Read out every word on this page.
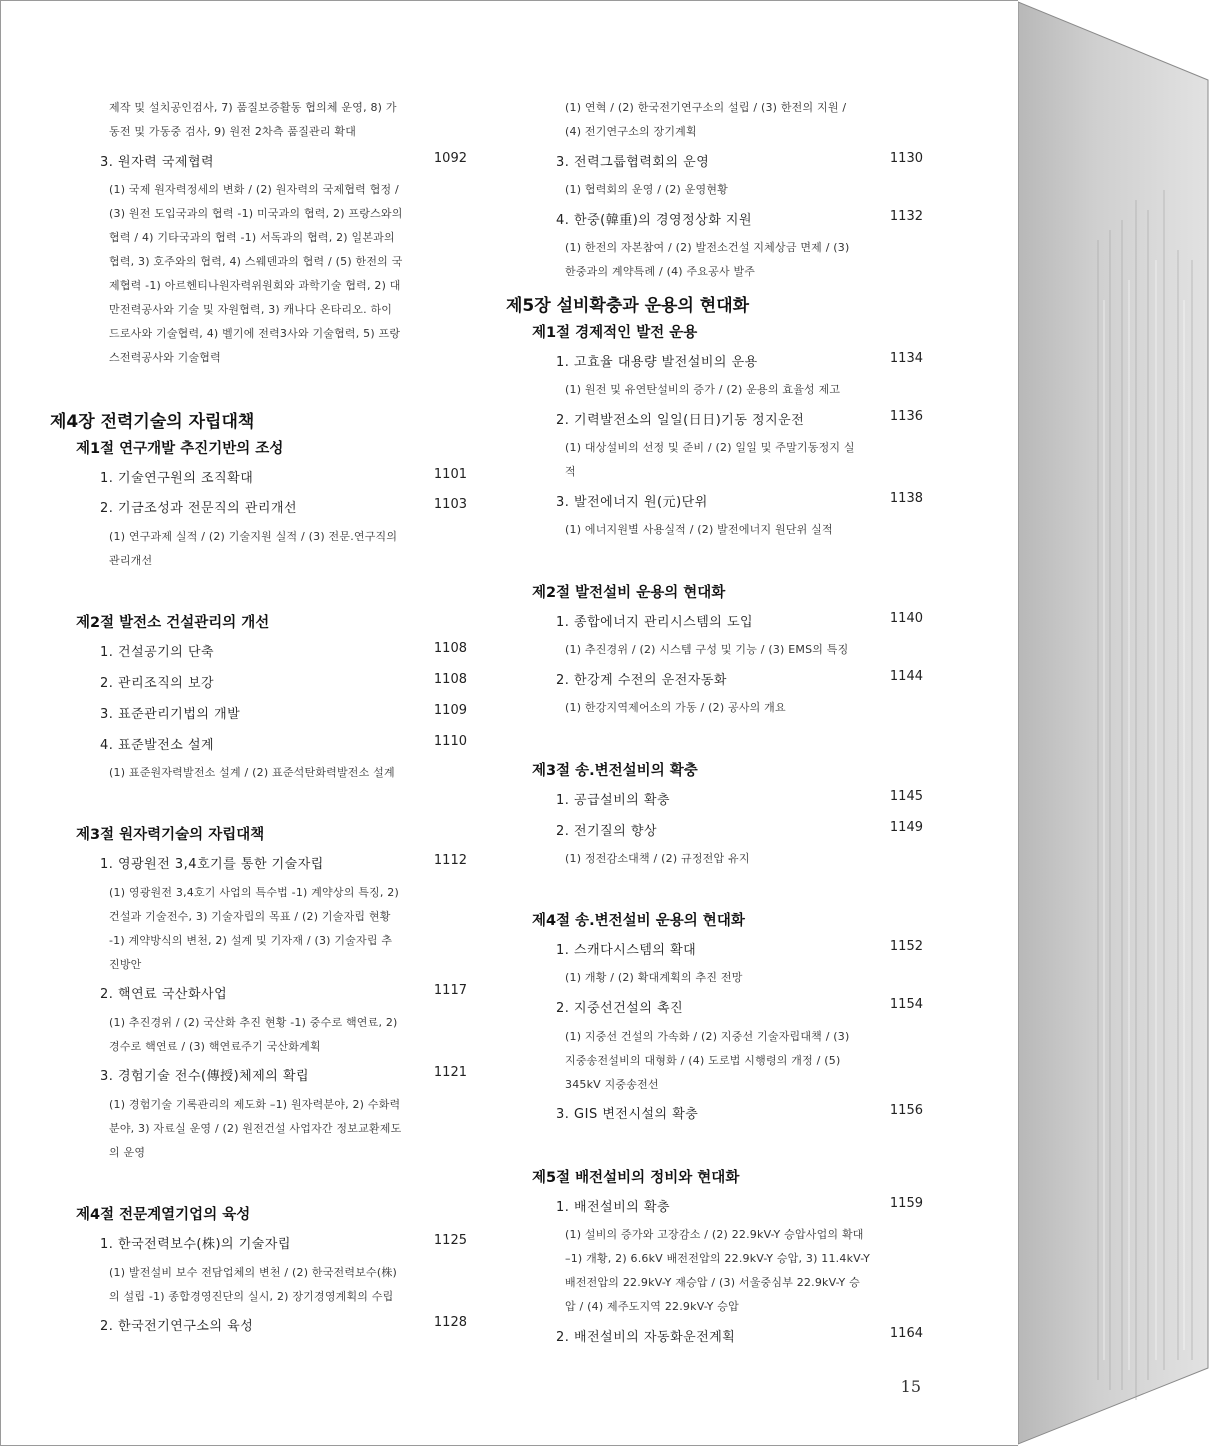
제작 및 설치공인검사, 7) 품질보증활동 협의체 운영, 8) 가
동전 및 가동중 검사, 9) 원전 2차측 품질관리 확대
3. 원자력 국제협력	1092
(1) 국제 원자력정세의 변화 / (2) 원자력의 국제협력 협정 /
(3) 원전 도입국과의 협력 -1) 미국과의 협력, 2) 프랑스와의
협력 / 4) 기타국과의 협력 -1) 서독과의 협력, 2) 일본과의
협력, 3) 호주와의 협력, 4) 스웨덴과의 협력 / (5) 한전의 국
제협력 -1) 아르헨티나원자력위원회와 과학기술 협력, 2) 대
만전력공사와 기술 및 자원협력, 3) 캐나다 온타리오. 하이
드로사와 기술협력, 4) 벨기에 전력3사와 기술협력, 5) 프랑
스전력공사와 기술협력
제4장 전력기술의 자립대책
제1절 연구개발 추진기반의 조성
1. 기술연구원의 조직확대	1101
2. 기금조성과 전문직의 관리개선	1103
(1) 연구과제 실적 / (2) 기술지원 실적 / (3) 전문.연구직의
관리개선
제2절 발전소 건설관리의 개선
1. 건설공기의 단축	1108
2. 관리조직의 보강	1108
3. 표준관리기법의 개발	1109
4. 표준발전소 설계	1110
(1) 표준원자력발전소 설계 / (2) 표준석탄화력발전소 설계
제3절 원자력기술의 자립대책
1. 영광원전 3,4호기를 통한 기술자립	1112
(1) 영광원전 3,4호기 사업의 특수법 -1) 계약상의 특징, 2)
건설과 기술전수, 3) 기술자립의 목표 / (2) 기술자립 현황
-1) 계약방식의 변천, 2) 설계 및 기자재 / (3) 기술자립 추
진방안
2. 핵연료 국산화사업	1117
(1) 추진경위 / (2) 국산화 추진 현황 -1) 중수로 핵연료, 2)
경수로 핵연료 / (3) 핵연료주기 국산화계획
3. 경험기술 전수(傳授)체제의 확립	1121
(1) 경험기술 기록관리의 제도화 –1) 원자력분야, 2) 수화력
분야, 3) 자료실 운영 / (2) 원전건설 사업자간 정보교환제도
의 운영
제4절 전문계열기업의 육성
1. 한국전력보수(株)의 기술자립	1125
(1) 발전설비 보수 전담업체의 변천 / (2) 한국전력보수(株)
의 설립 -1) 종합경영진단의 실시, 2) 장기경영계획의 수립
2. 한국전기연구소의 육성	1128
(1) 연혁 / (2) 한국전기연구소의 설립 / (3) 한전의 지원 /
(4) 전기연구소의 장기계획
3. 전력그룹협력회의 운영	1130
(1) 협력회의 운영 / (2) 운영현황
4. 한중(韓重)의 경영정상화 지원	1132
(1) 한전의 자본참여 / (2) 발전소건설 지체상금 면제 / (3)
한중과의 계약특례 / (4) 주요공사 발주
제5장 설비확충과 운용의 현대화
제1절 경제적인 발전 운용
1. 고효율 대용량 발전설비의 운용	1134
(1) 원전 및 유연탄설비의 증가 / (2) 운용의 효율성 제고
2. 기력발전소의 일일(日日)기동 정지운전	1136
(1) 대상설비의 선정 및 준비 / (2) 일일 및 주말기동정지 실
적
3. 발전에너지 원(元)단위	1138
(1) 에너지원별 사용실적 / (2) 발전에너지 원단위 실적
제2절 발전설비 운용의 현대화
1. 종합에너지 관리시스템의 도입	1140
(1) 추진경위 / (2) 시스템 구성 및 기능 / (3) EMS의 특징
2. 한강계 수전의 운전자동화	1144
(1) 한강지역제어소의 가동 / (2) 공사의 개요
제3절 송.변전설비의 확충
1. 공급설비의 확충	1145
2. 전기질의 향상	1149
(1) 정전감소대책 / (2) 규정전압 유지
제4절 송.변전설비 운용의 현대화
1. 스캐다시스템의 확대	1152
(1) 개황 / (2) 확대계획의 추진 전망
2. 지중선건설의 촉진	1154
(1) 지중선 건설의 가속화 / (2) 지중선 기술자립대책 / (3)
지중송전설비의 대형화 / (4) 도로법 시행령의 개정 / (5)
345kV 지중송전선
3. GIS 변전시설의 확충	1156
제5절 배전설비의 정비와 현대화
1. 배전설비의 확충	1159
(1) 설비의 증가와 고장감소 / (2) 22.9kV-Y 승압사업의 확대
–1) 개황, 2) 6.6kV 배전전압의 22.9kV-Y 승압, 3) 11.4kV-Y
배전전압의 22.9kV-Y 재승압 / (3) 서울중심부 22.9kV-Y 승
압 / (4) 제주도지역 22.9kV-Y 승압
2. 배전설비의 자동화운전계획	1164
15
